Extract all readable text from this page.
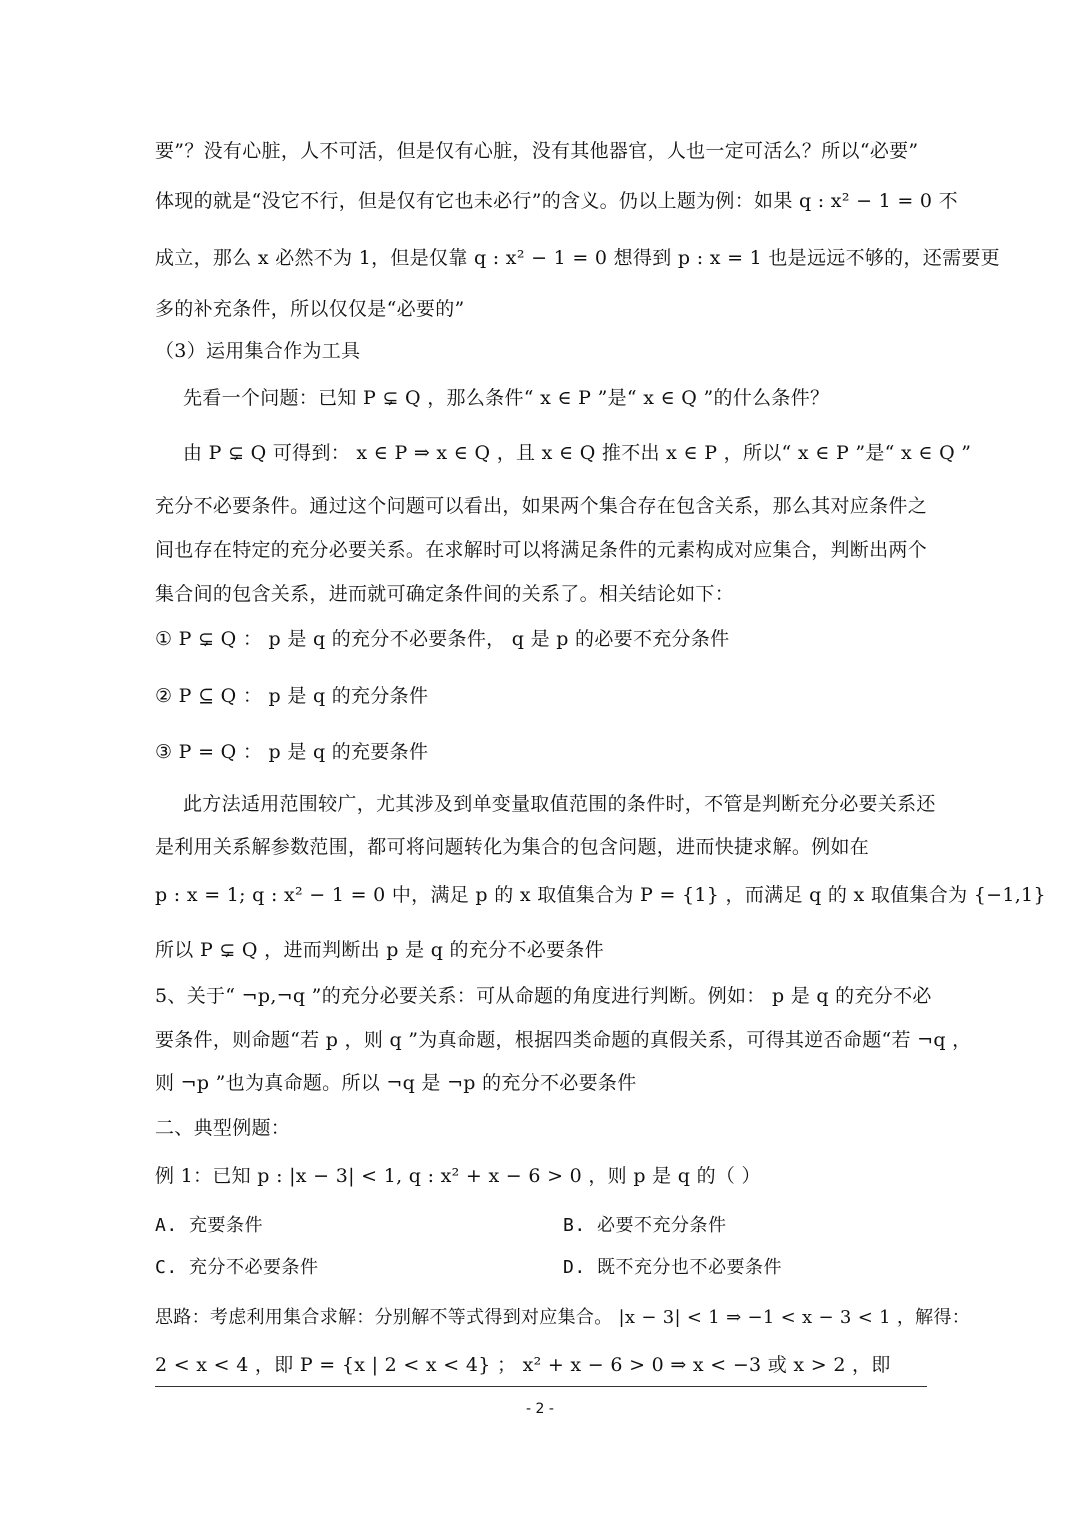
要”？没有心脏，人不可活，但是仅有心脏，没有其他器官，人也一定可活么？所以“必要”
体现的就是“没它不行，但是仅有它也未必行”的含义。仍以上题为例：如果 q : x² − 1 = 0 不
成立，那么 x 必然不为 1，但是仅靠 q : x² − 1 = 0 想得到 p : x = 1 也是远远不够的，还需要更
多的补充条件，所以仅仅是“必要的”
（3）运用集合作为工具
先看一个问题：已知 P ⊊ Q ，那么条件“ x ∈ P ”是“ x ∈ Q ”的什么条件？
由 P ⊊ Q 可得到： x ∈ P ⇒ x ∈ Q ，且 x ∈ Q 推不出 x ∈ P ，所以“ x ∈ P ”是“ x ∈ Q ”
充分不必要条件。通过这个问题可以看出，如果两个集合存在包含关系，那么其对应条件之
间也存在特定的充分必要关系。在求解时可以将满足条件的元素构成对应集合，判断出两个
集合间的包含关系，进而就可确定条件间的关系了。相关结论如下：
① P ⊊ Q ： p 是 q 的充分不必要条件， q 是 p 的必要不充分条件
② P ⊆ Q ： p 是 q 的充分条件
③ P = Q ： p 是 q 的充要条件
此方法适用范围较广，尤其涉及到单变量取值范围的条件时，不管是判断充分必要关系还
是利用关系解参数范围，都可将问题转化为集合的包含问题，进而快捷求解。例如在
p : x = 1; q : x² − 1 = 0 中，满足 p 的 x 取值集合为 P = {1} ，而满足 q 的 x 取值集合为 {−1,1}
所以 P ⊊ Q ，进而判断出 p 是 q 的充分不必要条件
5、关于“ ¬p,¬q ”的充分必要关系：可从命题的角度进行判断。例如： p 是 q 的充分不必
要条件，则命题“若 p ，则 q ”为真命题，根据四类命题的真假关系，可得其逆否命题“若 ¬q ，
则 ¬p ”也为真命题。所以 ¬q 是 ¬p 的充分不必要条件
二、典型例题：
例 1：已知 p : |x − 3| < 1, q : x² + x − 6 > 0 ，则 p 是 q 的（ ）
A. 充要条件	B. 必要不充分条件
C. 充分不必要条件	D. 既不充分也不必要条件
思路：考虑利用集合求解：分别解不等式得到对应集合。 |x − 3| < 1 ⇒ −1 < x − 3 < 1 ，解得：
2 < x < 4 ，即 P = {x | 2 < x < 4} ； x² + x − 6 > 0 ⇒ x < −3 或 x > 2 ，即
- 2 -
